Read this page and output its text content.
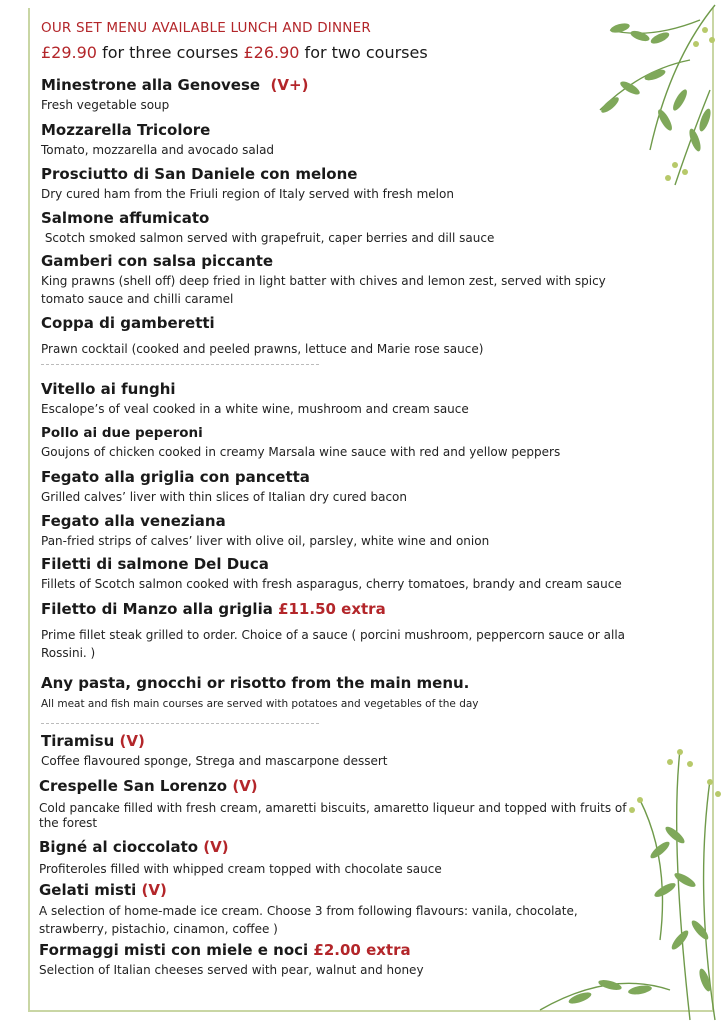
OUR SET MENU AVAILABLE LUNCH AND DINNER
£29.90 for three courses £26.90 for two courses
Minestrone alla Genovese (V+)
Fresh vegetable soup
Mozzarella Tricolore
Tomato, mozzarella and avocado salad
Prosciutto di San Daniele con melone
Dry cured ham from the Friuli region of Italy served with fresh melon
Salmone affumicato
Scotch smoked salmon served with grapefruit, caper berries and dill sauce
Gamberi con salsa piccante
King prawns (shell off) deep fried in light batter with chives and lemon zest, served with spicy tomato sauce and chilli caramel
Coppa di gamberetti
Prawn cocktail (cooked and peeled prawns, lettuce and Marie rose sauce)
Vitello ai funghi
Escalope’s of veal cooked in a white wine, mushroom and cream sauce
Pollo ai due peperoni
Goujons of chicken cooked in creamy Marsala wine sauce with red and yellow peppers
Fegato alla griglia con pancetta
Grilled calves’ liver with thin slices of Italian dry cured bacon
Fegato alla veneziana
Pan-fried strips of calves’ liver with olive oil, parsley, white wine and onion
Filetti di salmone Del Duca
Fillets of Scotch salmon cooked with fresh asparagus, cherry tomatoes, brandy and cream sauce
Filetto di Manzo alla griglia £11.50 extra
Prime fillet steak grilled to order. Choice of a sauce ( porcini mushroom, peppercorn sauce or alla Rossini. )
Any pasta, gnocchi or risotto from the main menu.
All meat and fish main courses are served with potatoes and vegetables of the day
Tiramisu (V)
Coffee flavoured sponge, Strega and mascarpone dessert
Crespelle San Lorenzo (V)
Cold pancake filled with fresh cream, amaretti biscuits, amaretto liqueur and topped with fruits of the forest
Bigné al cioccolato (V)
Profiteroles filled with whipped cream topped with chocolate sauce
Gelati misti (V)
A selection of home-made ice cream. Choose 3 from following flavours: vanila, chocolate, strawberry, pistachio, cinamon, coffee )
Formaggi misti con miele e noci £2.00 extra
Selection of Italian cheeses served with pear, walnut and honey
